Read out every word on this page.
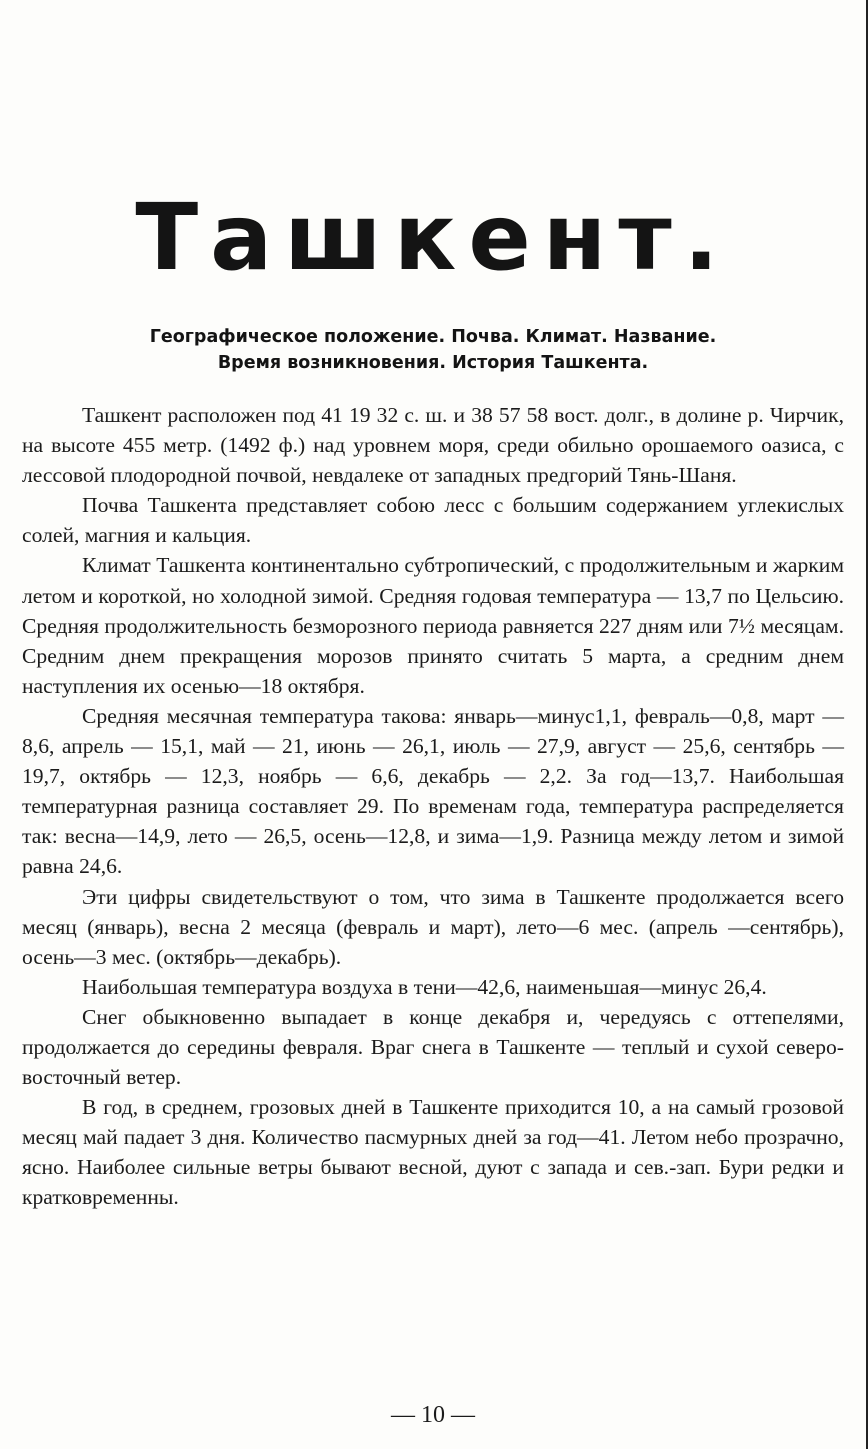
Ташкент.
Географическое положение. Почва. Климат. Название.
Время возникновения. История Ташкента.

Ташкент расположен под 41 19 32 с. ш. и 38 57 58 вост. долг., в долине р. Чирчик, на высоте 455 метр. (1492 ф.) над уровнем моря, среди обильно орошаемого оазиса, с лессовой плодородной почвой, невдалеке от западных предгорий Тянь-Шаня.

Почва Ташкента представляет собою лесс с большим содержанием углекислых солей, магния и кальция.

Климат Ташкента континентально субтропический, с продолжительным и жарким летом и короткой, но холодной зимой. Средняя годовая температура — 13,7 по Цельсию. Средняя продолжительность безморозного периода равняется 227 дням или 7½ месяцам. Средним днем прекращения морозов принято считать 5 марта, а средним днем наступления их осенью—18 октября.

Средняя месячная температура такова: январь—минус1,1, февраль—0,8, март — 8,6, апрель — 15,1, май — 21, июнь — 26,1, июль — 27,9, август — 25,6, сентябрь — 19,7, октябрь — 12,3, ноябрь — 6,6, декабрь — 2,2. За год—13,7. Наибольшая температурная разница составляет 29. По временам года, температура распределяется так: весна—14,9, лето — 26,5, осень—12,8, и зима—1,9. Разница между летом и зимой равна 24,6.

Эти цифры свидетельствуют о том, что зима в Ташкенте продолжается всего месяц (январь), весна 2 месяца (февраль и март), лето—6 мес. (апрель —сентябрь), осень—3 мес. (октябрь—декабрь).

Наибольшая температура воздуха в тени—42,6, наименьшая—минус 26,4.

Снег обыкновенно выпадает в конце декабря и, чередуясь с оттепелями, продолжается до середины февраля. Враг снега в Ташкенте — теплый и сухой северо-восточный ветер.

В год, в среднем, грозовых дней в Ташкенте приходится 10, а на самый грозовой месяц май падает 3 дня. Количество пасмурных дней за год—41. Летом небо прозрачно, ясно. Наиболее сильные ветры бывают весной, дуют с запада и сев.-зап. Бури редки и кратковременны.

— 10 —
